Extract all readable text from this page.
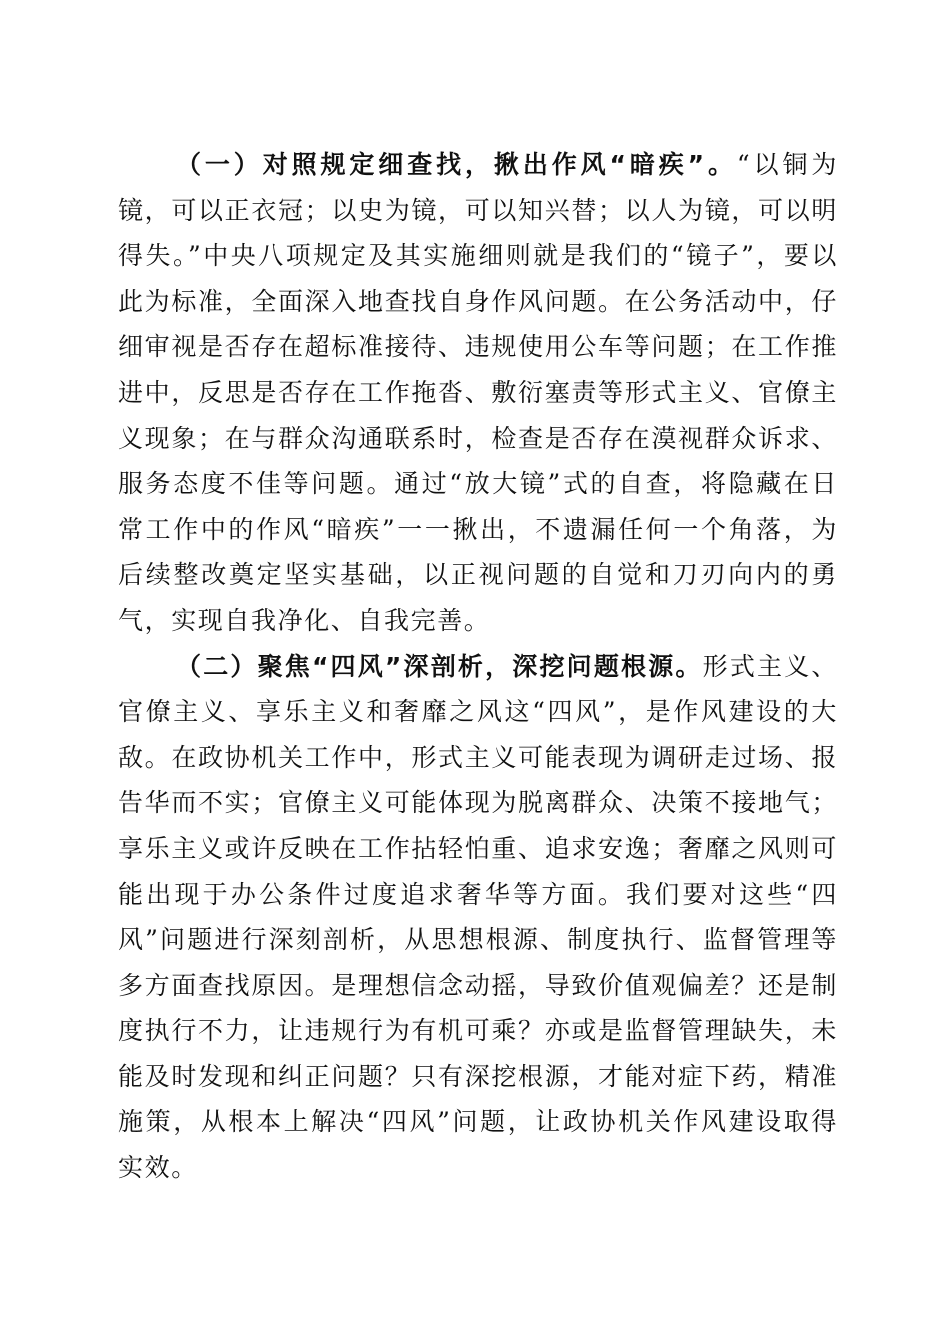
（一）对照规定细查找，揪出作风“暗疾”。“以铜为镜，可以正衣冠；以史为镜，可以知兴替；以人为镜，可以明得失。”中央八项规定及其实施细则就是我们的“镜子”，要以此为标准，全面深入地查找自身作风问题。在公务活动中，仔细审视是否存在超标准接待、违规使用公车等问题；在工作推进中，反思是否存在工作拖沓、敷衍塞责等形式主义、官僚主义现象；在与群众沟通联系时，检查是否存在漠视群众诉求、服务态度不佳等问题。通过“放大镜”式的自查，将隐藏在日常工作中的作风“暗疾”一一揪出，不遗漏任何一个角落，为后续整改奠定坚实基础，以正视问题的自觉和刀刃向内的勇气，实现自我净化、自我完善。

（二）聚焦“四风”深剖析，深挖问题根源。形式主义、官僚主义、享乐主义和奢靡之风这“四风”，是作风建设的大敌。在政协机关工作中，形式主义可能表现为调研走过场、报告华而不实；官僚主义可能体现为脱离群众、决策不接地气；享乐主义或许反映在工作拈轻怕重、追求安逸；奢靡之风则可能出现于办公条件过度追求奢华等方面。我们要对这些“四风”问题进行深刻剖析，从思想根源、制度执行、监督管理等多方面查找原因。是理想信念动摇，导致价值观偏差？还是制度执行不力，让违规行为有机可乘？亦或是监督管理缺失，未能及时发现和纠正问题？只有深挖根源，才能对症下药，精准施策，从根本上解决“四风”问题，让政协机关作风建设取得实效。
